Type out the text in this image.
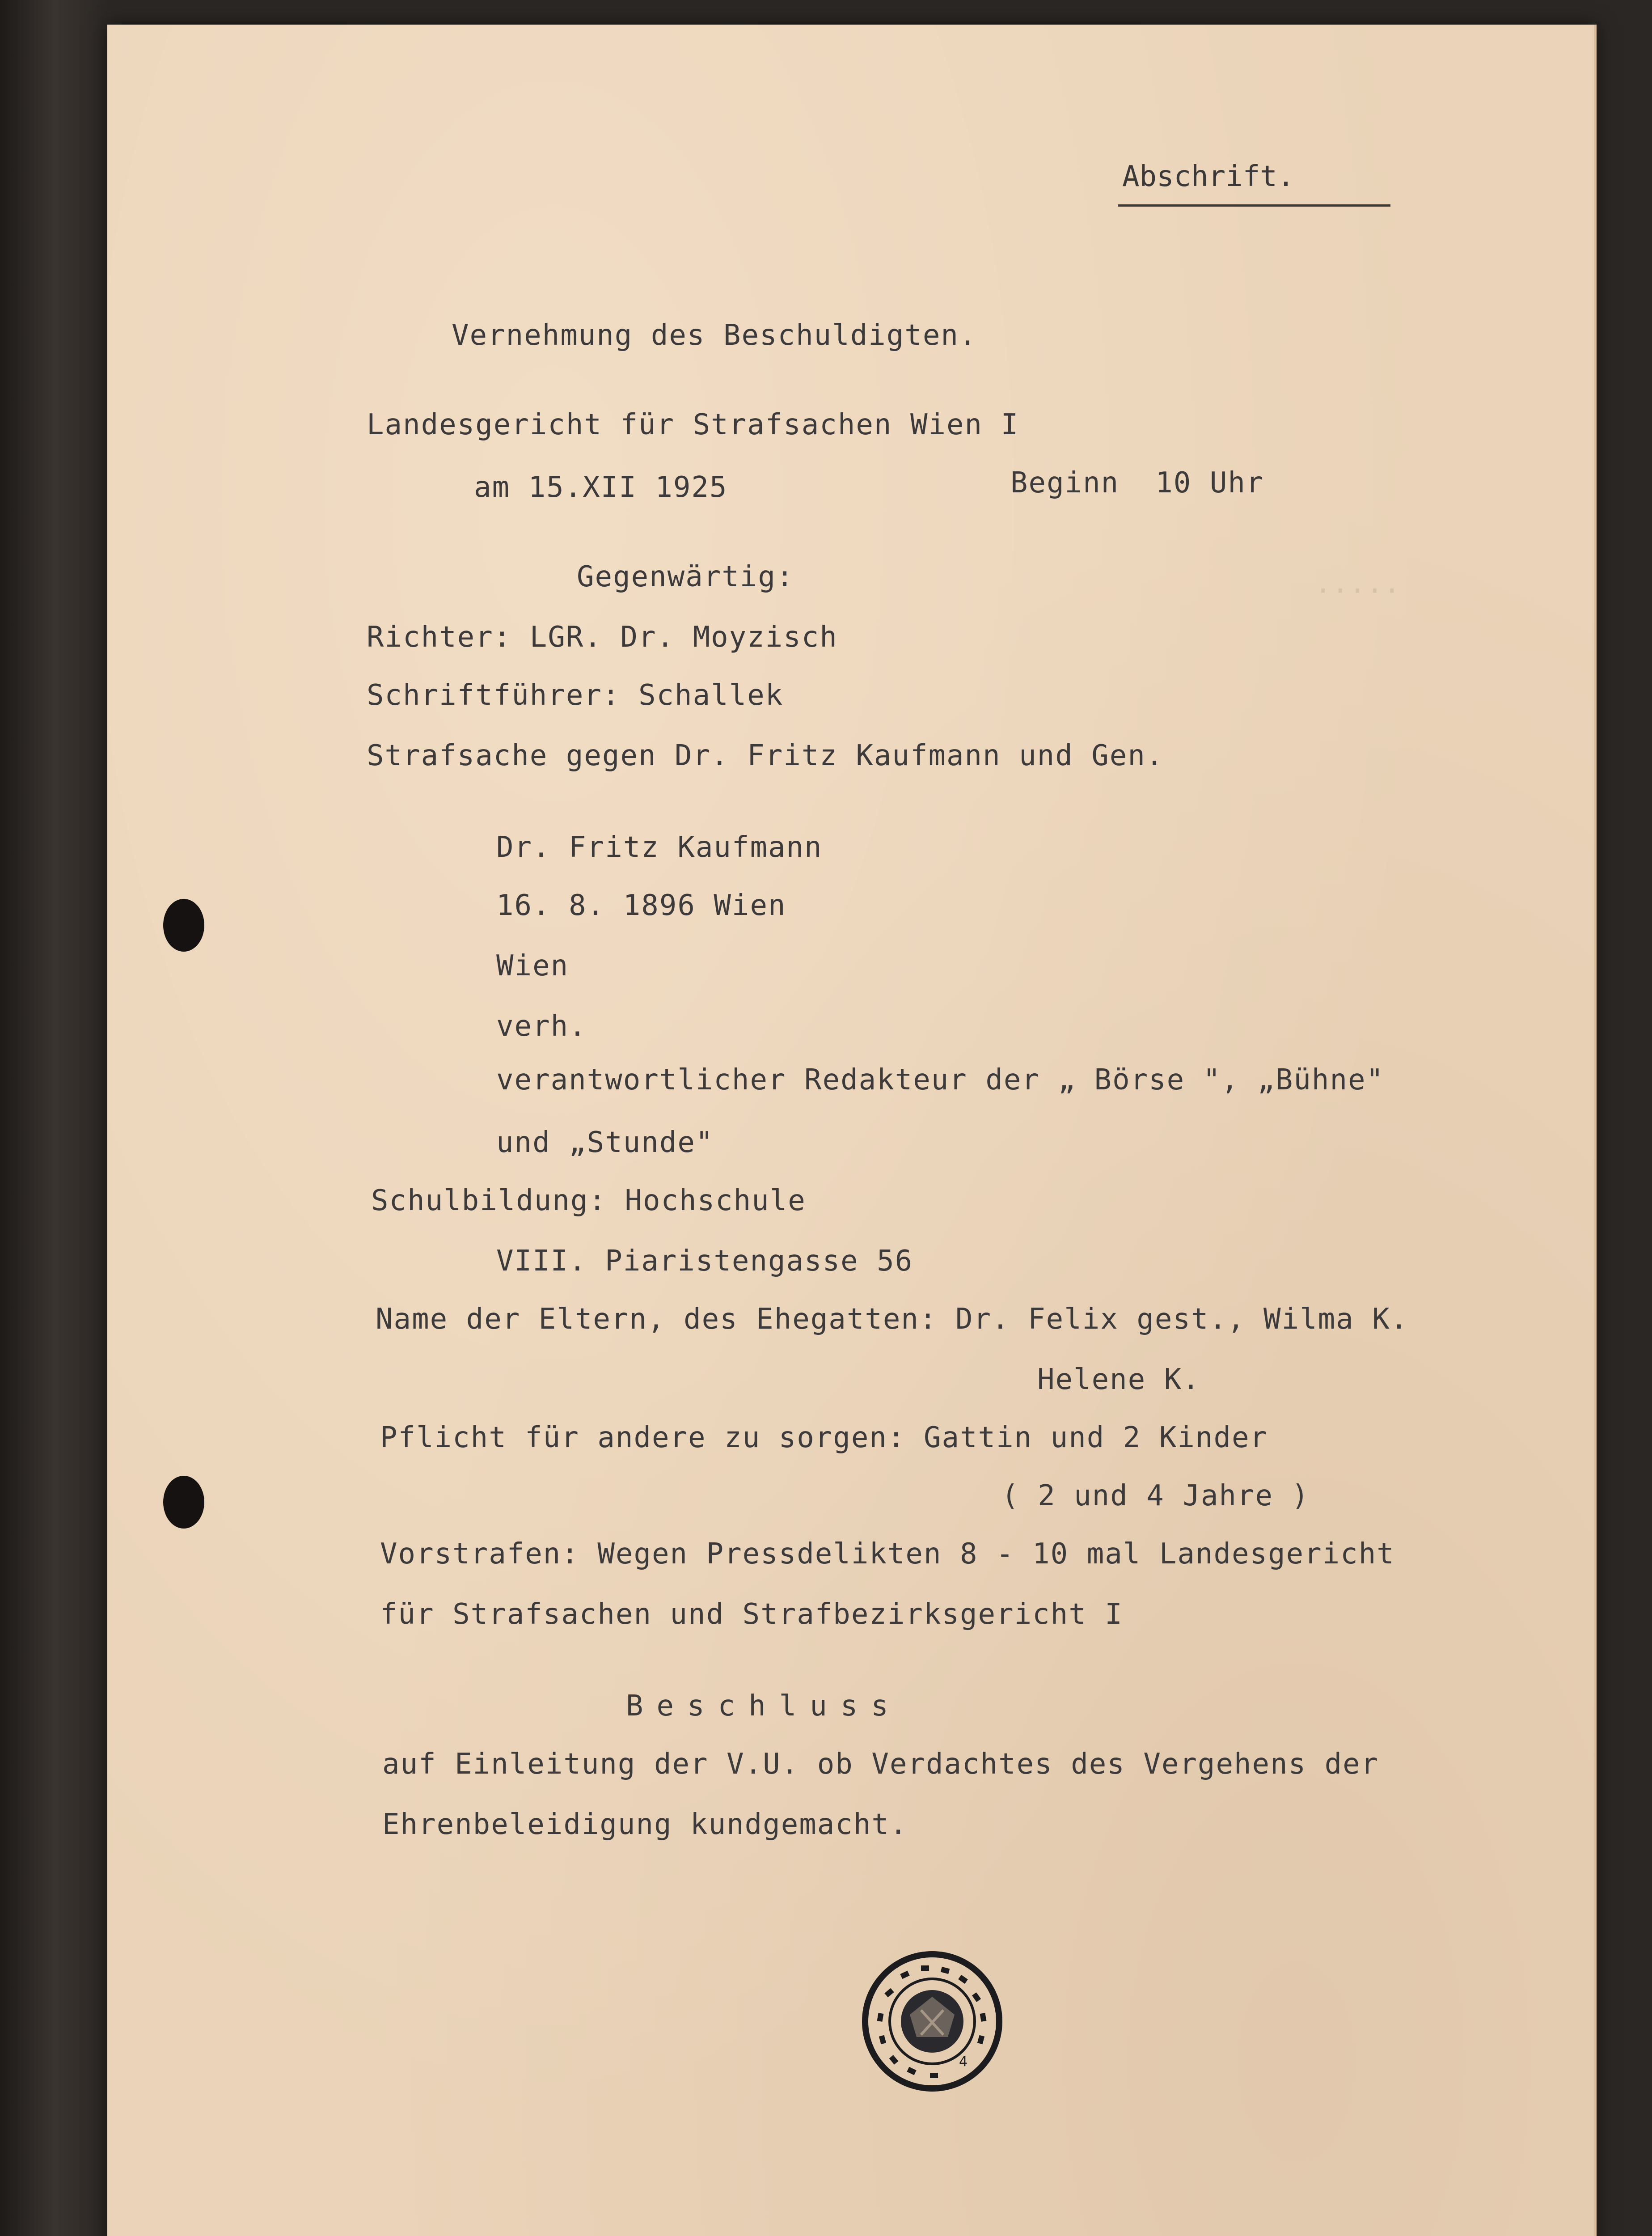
·····
Abschrift.
Vernehmung des Beschuldigten.
Landesgericht für Strafsachen Wien I
am 15.XII 1925	Beginn  10 Uhr
Gegenwärtig:
Richter: LGR. Dr. Moyzisch
Schriftführer: Schallek
Strafsache gegen Dr. Fritz Kaufmann und Gen.
Dr. Fritz Kaufmann
16. 8. 1896 Wien
Wien
verh.
verantwortlicher Redakteur der „ Börse ", „Bühne"
und „Stunde"
Schulbildung: Hochschule
VIII. Piaristengasse 56
Name der Eltern, des Ehegatten: Dr. Felix gest., Wilma K.
Helene K.
Pflicht für andere zu sorgen: Gattin und 2 Kinder
( 2 und 4 Jahre )
Vorstrafen: Wegen Pressdelikten 8 - 10 mal Landesgericht
für Strafsachen und Strafbezirksgericht I
Beschluss
auf Einleitung der V.U. ob Verdachtes des Vergehens der
Ehrenbeleidigung kundgemacht.
4
